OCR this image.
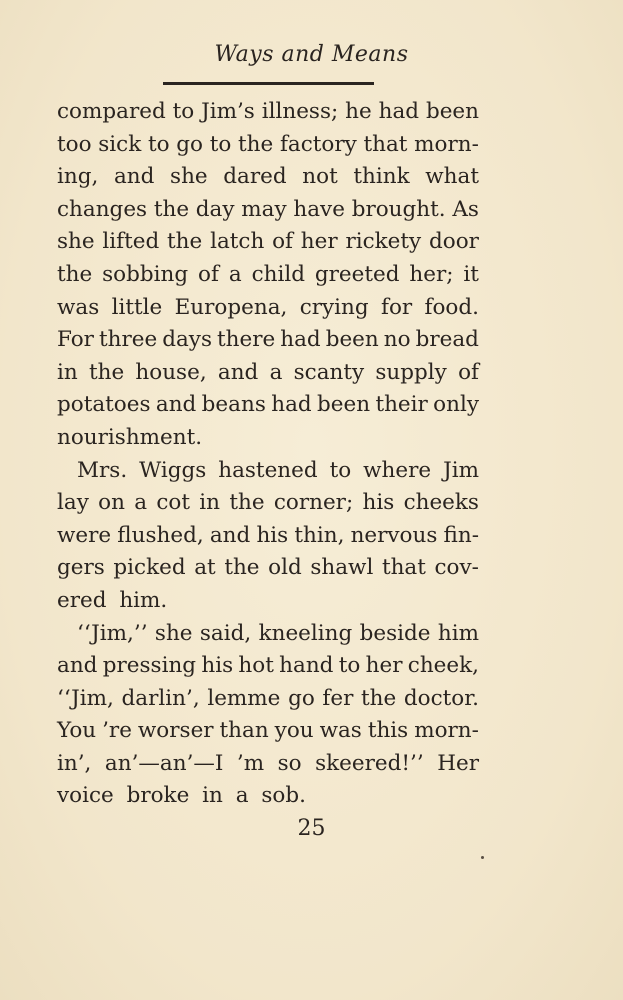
Ways and Means
compared to Jim’s illness; he had been
too sick to go to the factory that morn-
ing, and she dared not think what
changes the day may have brought. As
she lifted the latch of her rickety door
the sobbing of a child greeted her; it
was little Europena, crying for food.
For three days there had been no bread
in the house, and a scanty supply of
potatoes and beans had been their only
nourishment.
Mrs. Wiggs hastened to where Jim
lay on a cot in the corner; his cheeks
were flushed, and his thin, nervous fin-
gers picked at the old shawl that cov-
ered him.
‘‘Jim,’’ she said, kneeling beside him
and pressing his hot hand to her cheek,
‘‘Jim, darlin’, lemme go fer the doctor.
You ’re worser than you was this morn-
in’, an’—an’—I ’m so skeered!’’ Her
voice broke in a sob.
25
